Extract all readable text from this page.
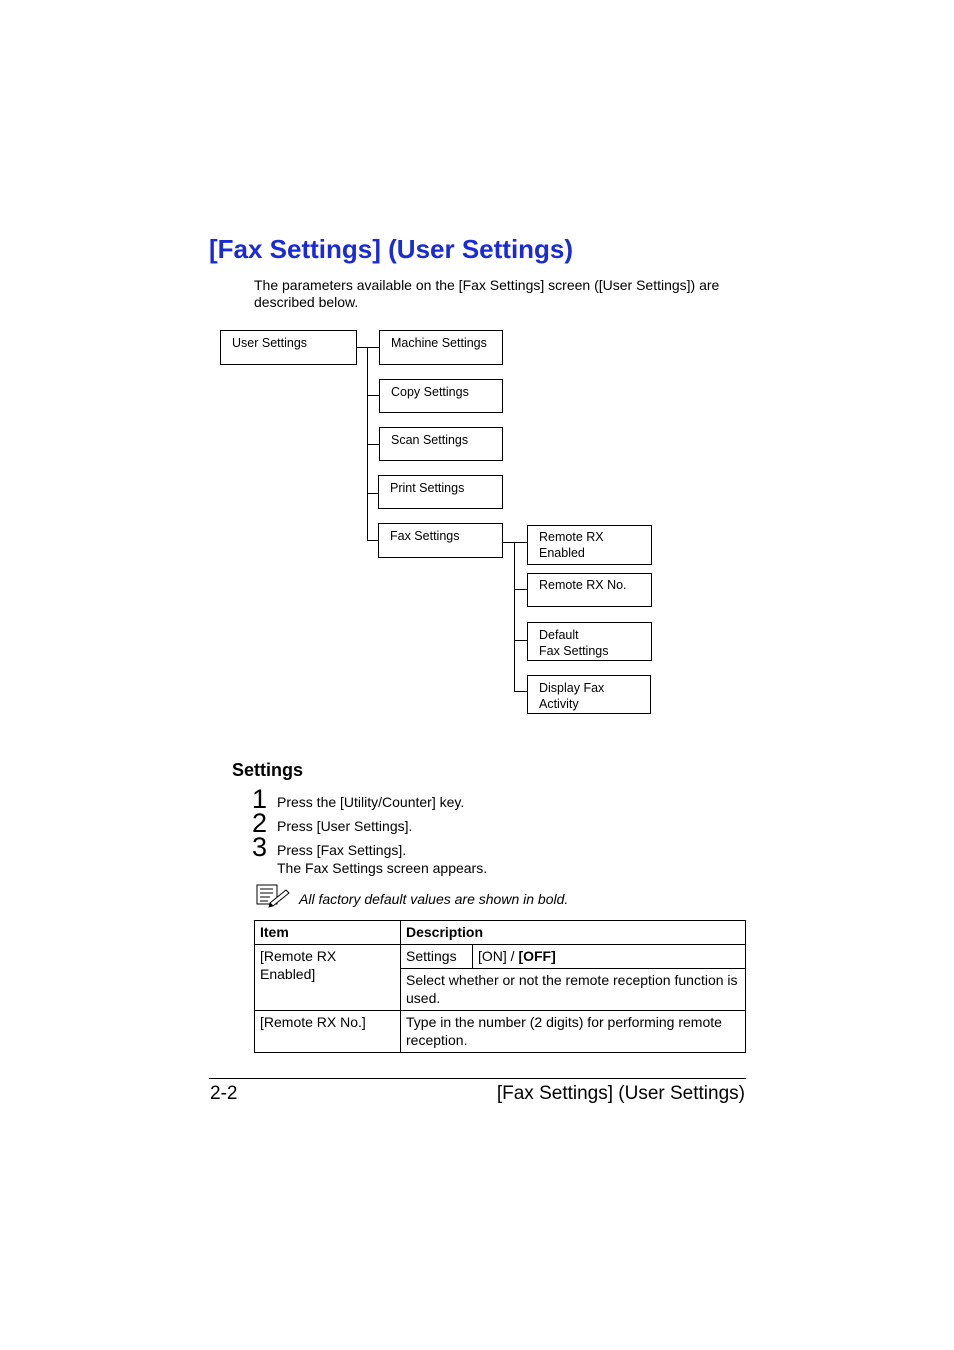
[Fax Settings] (User Settings)
The parameters available on the [Fax Settings] screen ([User Settings]) are described below.
User Settings	Machine Settings
Copy Settings
Scan Settings
Print Settings
Fax Settings	Remote RX
Enabled
Remote RX No.
Default
Fax Settings
Display Fax
Activity
Settings
1 Press the [Utility/Counter] key.
2 Press [User Settings].
3 Press [Fax Settings].
The Fax Settings screen appears.
All factory default values are shown in bold.
Item	Description	
[Remote RX Enabled]	Settings	[ON] / [OFF]
	Select whether or not the remote reception function is used.	
[Remote RX No.]	Type in the number (2 digits) for performing remote reception.	
2-2	[Fax Settings] (User Settings)
